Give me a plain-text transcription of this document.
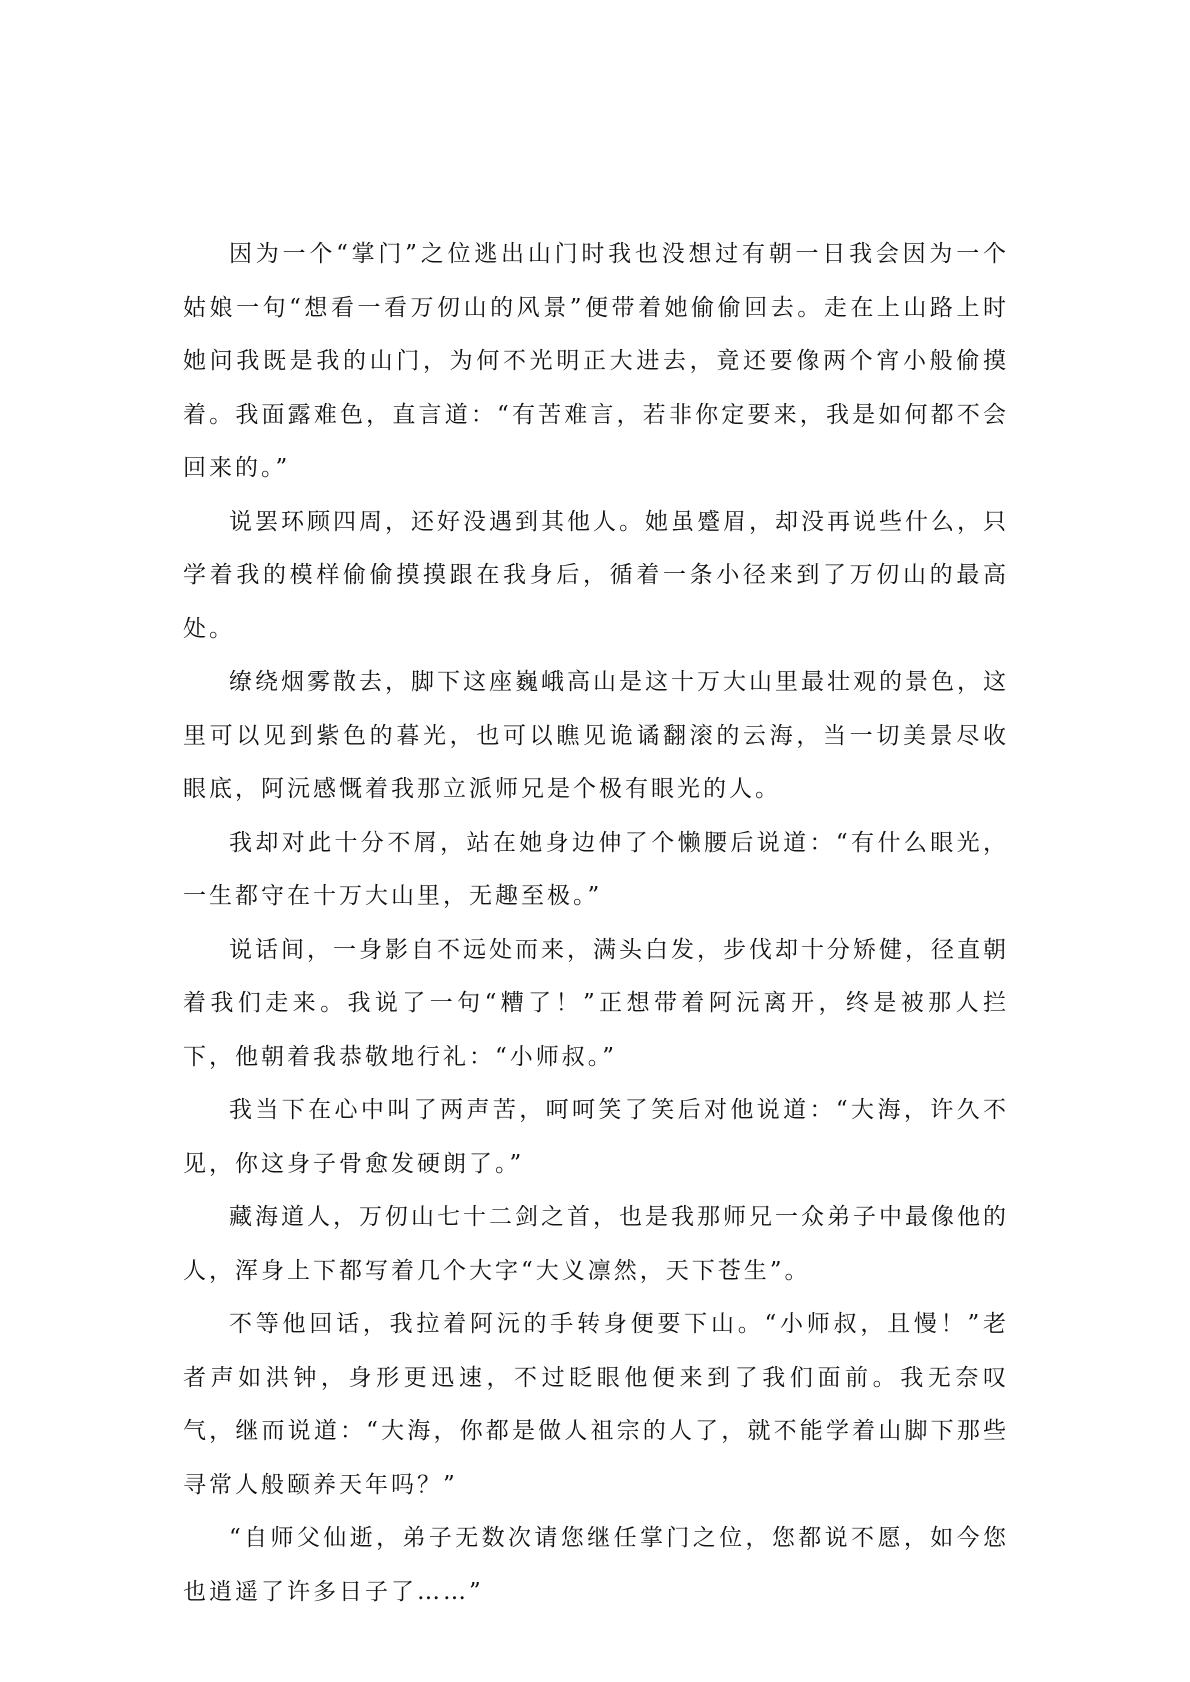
因为一个“掌门”之位逃出山门时我也没想过有朝一日我会因为一个姑娘一句“想看一看万仞山的风景”便带着她偷偷回去。走在上山路上时她问我既是我的山门，为何不光明正大进去，竟还要像两个宵小般偷摸着。我面露难色，直言道：“有苦难言，若非你定要来，我是如何都不会回来的。”

说罢环顾四周，还好没遇到其他人。她虽蹙眉，却没再说些什么，只学着我的模样偷偷摸摸跟在我身后，循着一条小径来到了万仞山的最高处。

缭绕烟雾散去，脚下这座巍峨高山是这十万大山里最壮观的景色，这里可以见到紫色的暮光，也可以瞧见诡谲翻滚的云海，当一切美景尽收眼底，阿沅感慨着我那立派师兄是个极有眼光的人。

我却对此十分不屑，站在她身边伸了个懒腰后说道：“有什么眼光，一生都守在十万大山里，无趣至极。”

说话间，一身影自不远处而来，满头白发，步伐却十分矫健，径直朝着我们走来。我说了一句“糟了！”正想带着阿沅离开，终是被那人拦下，他朝着我恭敬地行礼：“小师叔。”

我当下在心中叫了两声苦，呵呵笑了笑后对他说道：“大海，许久不见，你这身子骨愈发硬朗了。”

藏海道人，万仞山七十二剑之首，也是我那师兄一众弟子中最像他的人，浑身上下都写着几个大字“大义凛然，天下苍生”。

不等他回话，我拉着阿沅的手转身便要下山。“小师叔，且慢！”老者声如洪钟，身形更迅速，不过眨眼他便来到了我们面前。我无奈叹气，继而说道：“大海，你都是做人祖宗的人了，就不能学着山脚下那些寻常人般颐养天年吗？”

“自师父仙逝，弟子无数次请您继任掌门之位，您都说不愿，如今您也逍遥了许多日子了……”
